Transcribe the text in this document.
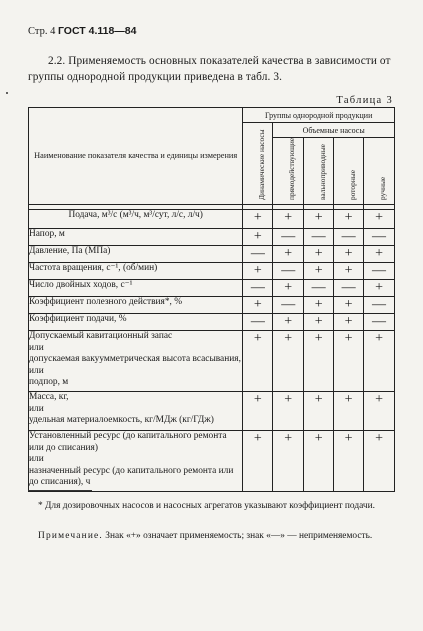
Стр. 4 ГОСТ 4.118—84
2.2. Применяемость основных показателей качества в зависимости от группы однородной продукции приведена в табл. 3.
Таблица 3
Наименование показателя качества и единицы измерения	Группы однородной продукции				

	Динамические насосы	Объемные насосы			

		прямодействующие	вальноприводные	роторные	ручные

Подача, м³/с (м³/ч, м³/сут, л/с, л/ч)	+	+	+	+	+
Напор, м	+	—	—	—	—
Давление, Па (МПа)	—	+	+	+	+
Частота вращения, с⁻¹, (об/мин)	+	—	+	+	—
Число двойных ходов, с⁻¹	—	+	—	—	+
Коэффициент полезного действия*, %	+	—	+	+	—
Коэффициент подачи, %	—	+	+	+	—
Допускаемый кавитационный запас
или
допускаемая вакуумметрическая высота всасывания,
или
подпор, м	+	+	+	+	+
Масса, кг,
или
удельная материалоемкость, кг/МДж (кг/ГДж)	+	+	+	+	+
Установленный ресурс (до капитального ремонта или до списания)
или
назначенный ресурс (до капитального ремонта или до списания), ч	+	+	+	+	+
* Для дозировочных насосов и насосных агрегатов указывают коэффициент подачи.
Примечание. Знак «+» означает применяемость; знак «—» — неприменяемость.
